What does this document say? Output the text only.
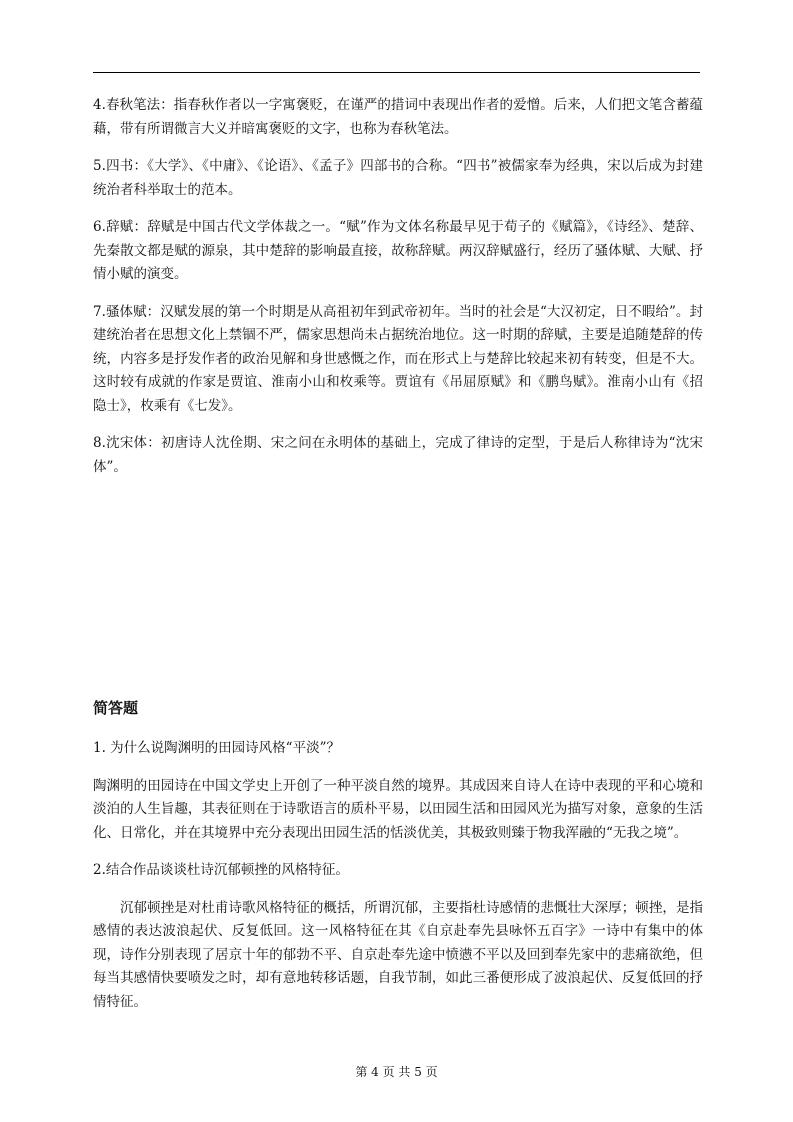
4.春秋笔法：指春秋作者以一字寓褒贬，在谨严的措词中表现出作者的爱憎。后来，人们把文笔含蓄蕴藉，带有所谓微言大义并暗寓褒贬的文字，也称为春秋笔法。

5.四书：《大学》、《中庸》、《论语》、《孟子》四部书的合称。“四书”被儒家奉为经典，宋以后成为封建统治者科举取士的范本。

6.辞赋：辞赋是中国古代文学体裁之一。“赋”作为文体名称最早见于荀子的《赋篇》，《诗经》、楚辞、先秦散文都是赋的源泉，其中楚辞的影响最直接，故称辞赋。两汉辞赋盛行，经历了骚体赋、大赋、抒情小赋的演变。

7.骚体赋：汉赋发展的第一个时期是从高祖初年到武帝初年。当时的社会是“大汉初定，日不暇给”。封建统治者在思想文化上禁锢不严，儒家思想尚未占据统治地位。这一时期的辞赋，主要是追随楚辞的传统，内容多是抒发作者的政治见解和身世感慨之作，而在形式上与楚辞比较起来初有转变，但是不大。这时较有成就的作家是贾谊、淮南小山和枚乘等。贾谊有《吊屈原赋》和《鹏鸟赋》。淮南小山有《招隐士》，枚乘有《七发》。

8.沈宋体：初唐诗人沈佺期、宋之问在永明体的基础上，完成了律诗的定型，于是后人称律诗为“沈宋体”。

简答题

1. 为什么说陶渊明的田园诗风格“平淡”？

陶渊明的田园诗在中国文学史上开创了一种平淡自然的境界。其成因来自诗人在诗中表现的平和心境和淡泊的人生旨趣，其表征则在于诗歌语言的质朴平易，以田园生活和田园风光为描写对象，意象的生活化、日常化，并在其境界中充分表现出田园生活的恬淡优美，其极致则臻于物我浑融的“无我之境”。

2.结合作品谈谈杜诗沉郁顿挫的风格特征。

沉郁顿挫是对杜甫诗歌风格特征的概括，所谓沉郁，主要指杜诗感情的悲慨壮大深厚；顿挫，是指感情的表达波浪起伏、反复低回。这一风格特征在其《自京赴奉先县咏怀五百字》一诗中有集中的体现，诗作分别表现了居京十年的郁勃不平、自京赴奉先途中愤懑不平以及回到奉先家中的悲痛欲绝，但每当其感情快要喷发之时，却有意地转移话题，自我节制，如此三番便形成了波浪起伏、反复低回的抒情特征。

第 4 页 共 5 页
